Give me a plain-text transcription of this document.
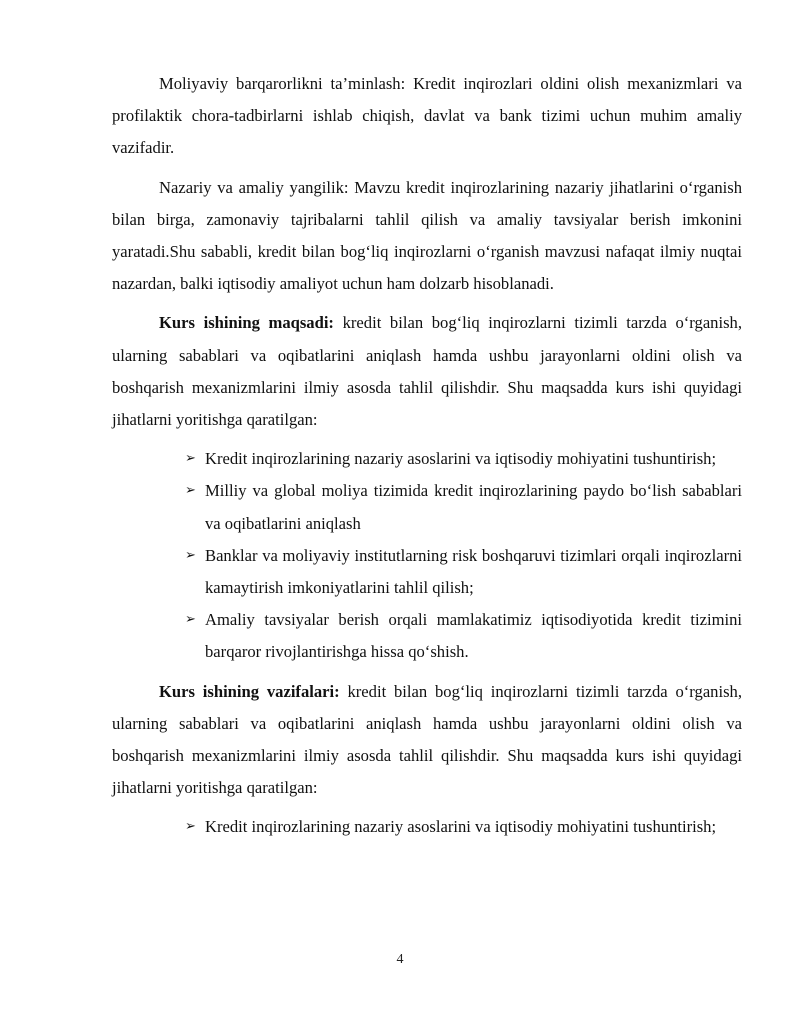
Moliyaviy barqarorlikni ta’minlash: Kredit inqirozlari oldini olish mexanizmlari va profilaktik chora-tadbirlarni ishlab chiqish, davlat va bank tizimi uchun muhim amaliy vazifadir.

Nazariy va amaliy yangilik: Mavzu kredit inqirozlarining nazariy jihatlarini o‘rganish bilan birga, zamonaviy tajribalarni tahlil qilish va amaliy tavsiyalar berish imkonini yaratadi.Shu sababli, kredit bilan bog‘liq inqirozlarni o‘rganish mavzusi nafaqat ilmiy nuqtai nazardan, balki iqtisodiy amaliyot uchun ham dolzarb hisoblanadi.

Kurs ishining maqsadi: kredit bilan bog‘liq inqirozlarni tizimli tarzda o‘rganish, ularning sabablari va oqibatlarini aniqlash hamda ushbu jarayonlarni oldini olish va boshqarish mexanizmlarini ilmiy asosda tahlil qilishdir. Shu maqsadda kurs ishi quyidagi jihatlarni yoritishga qaratilgan:

➢ Kredit inqirozlarining nazariy asoslarini va iqtisodiy mohiyatini tushuntirish;
➢ Milliy va global moliya tizimida kredit inqirozlarining paydo bo‘lish sabablari va oqibatlarini aniqlash
➢ Banklar va moliyaviy institutlarning risk boshqaruvi tizimlari orqali inqirozlarni kamaytirish imkoniyatlarini tahlil qilish;
➢ Amaliy tavsiyalar berish orqali mamlakatimiz iqtisodiyotida kredit tizimini barqaror rivojlantirishga hissa qo‘shish.

Kurs ishining vazifalari: kredit bilan bog‘liq inqirozlarni tizimli tarzda o‘rganish, ularning sabablari va oqibatlarini aniqlash hamda ushbu jarayonlarni oldini olish va boshqarish mexanizmlarini ilmiy asosda tahlil qilishdir. Shu maqsadda kurs ishi quyidagi jihatlarni yoritishga qaratilgan:

➢ Kredit inqirozlarining nazariy asoslarini va iqtisodiy mohiyatini tushuntirish;
4
